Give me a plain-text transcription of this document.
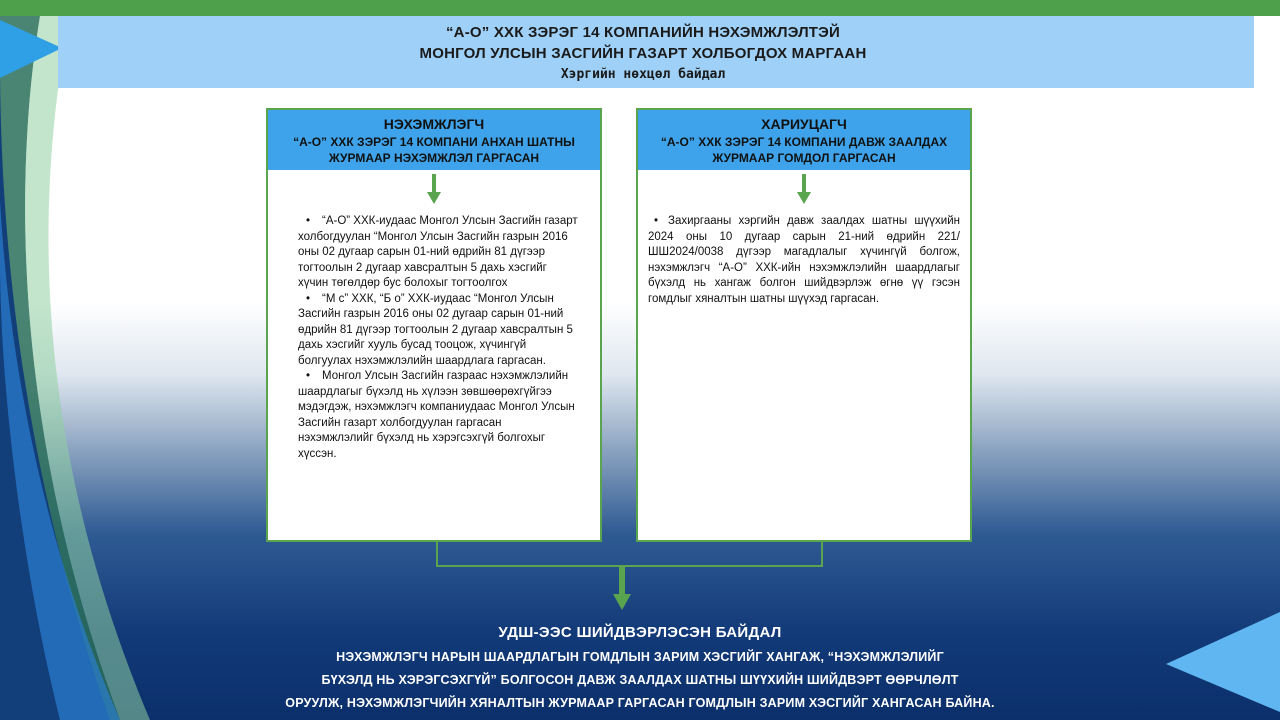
“А-О” ХХК ЗЭРЭГ 14 КОМПАНИЙН НЭХЭМЖЛЭЛТЭЙ
МОНГОЛ УЛСЫН ЗАСГИЙН ГАЗАРТ ХОЛБОГДОХ МАРГААН
Хэргийн нөхцөл байдал
НЭХЭМЖЛЭГЧ
“А-О” ХХК ЗЭРЭГ 14 КОМПАНИ АНХАН ШАТНЫ ЖУРМААР НЭХЭМЖЛЭЛ ГАРГАСАН
• “А-О” ХХК-иудаас Монгол Улсын Засгийн газарт холбогдуулан “Монгол Улсын Засгийн газрын 2016 оны 02 дугаар сарын 01-ний өдрийн 81 дүгээр тогтоолын 2 дугаар хавсралтын 5 дахь хэсгийг хүчин төгөлдөр бус болохыг тогтоолгох
• “М с” ХХК, “Б о” ХХК-иудаас “Монгол Улсын Засгийн газрын 2016 оны 02 дугаар сарын 01-ний өдрийн 81 дүгээр тогтоолын 2 дугаар хавсралтын 5 дахь хэсгийг хууль бусад тооцож, хүчингүй болгуулах нэхэмжлэлийн шаардлага гаргасан.
• Монгол Улсын Засгийн газраас нэхэмжлэлийн шаардлагыг бүхэлд нь хүлээн зөвшөөрөхгүйгээ мэдэгдэж, нэхэмжлэгч компаниудаас Монгол Улсын Засгийн газарт холбогдуулан гаргасан нэхэмжлэлийг бүхэлд нь хэрэгсэхгүй болгохыг хүссэн.
ХАРИУЦАГЧ
“А-О” ХХК ЗЭРЭГ 14 КОМПАНИ ДАВЖ ЗААЛДАХ ЖУРМААР ГОМДОЛ ГАРГАСАН
• Захиргааны хэргийн давж заалдах шатны шүүхийн 2024 оны 10 дугаар сарын 21-ний өдрийн 221/ШШ2024/0038 дүгээр магадлалыг хүчингүй болгож, нэхэмжлэгч “А-О” ХХК-ийн нэхэмжлэлийн шаардлагыг бүхэлд нь хангаж болгон шийдвэрлэж өгнө үү гэсэн гомдлыг хяналтын шатны шүүхэд гаргасан.
УДШ-ЭЭС ШИЙДВЭРЛЭСЭН БАЙДАЛ
НЭХЭМЖЛЭГЧ НАРЫН ШААРДЛАГЫН ГОМДЛЫН ЗАРИМ ХЭСГИЙГ ХАНГАЖ, “НЭХЭМЖЛЭЛИЙГ
БҮХЭЛД НЬ ХЭРЭГСЭХГҮЙ” БОЛГОСОН ДАВЖ ЗААЛДАХ ШАТНЫ ШҮҮХИЙН ШИЙДВЭРТ ӨӨРЧЛӨЛТ
ОРУУЛЖ, НЭХЭМЖЛЭГЧИЙН ХЯНАЛТЫН ЖУРМААР ГАРГАСАН ГОМДЛЫН ЗАРИМ ХЭСГИЙГ ХАНГАСАН БАЙНА.
